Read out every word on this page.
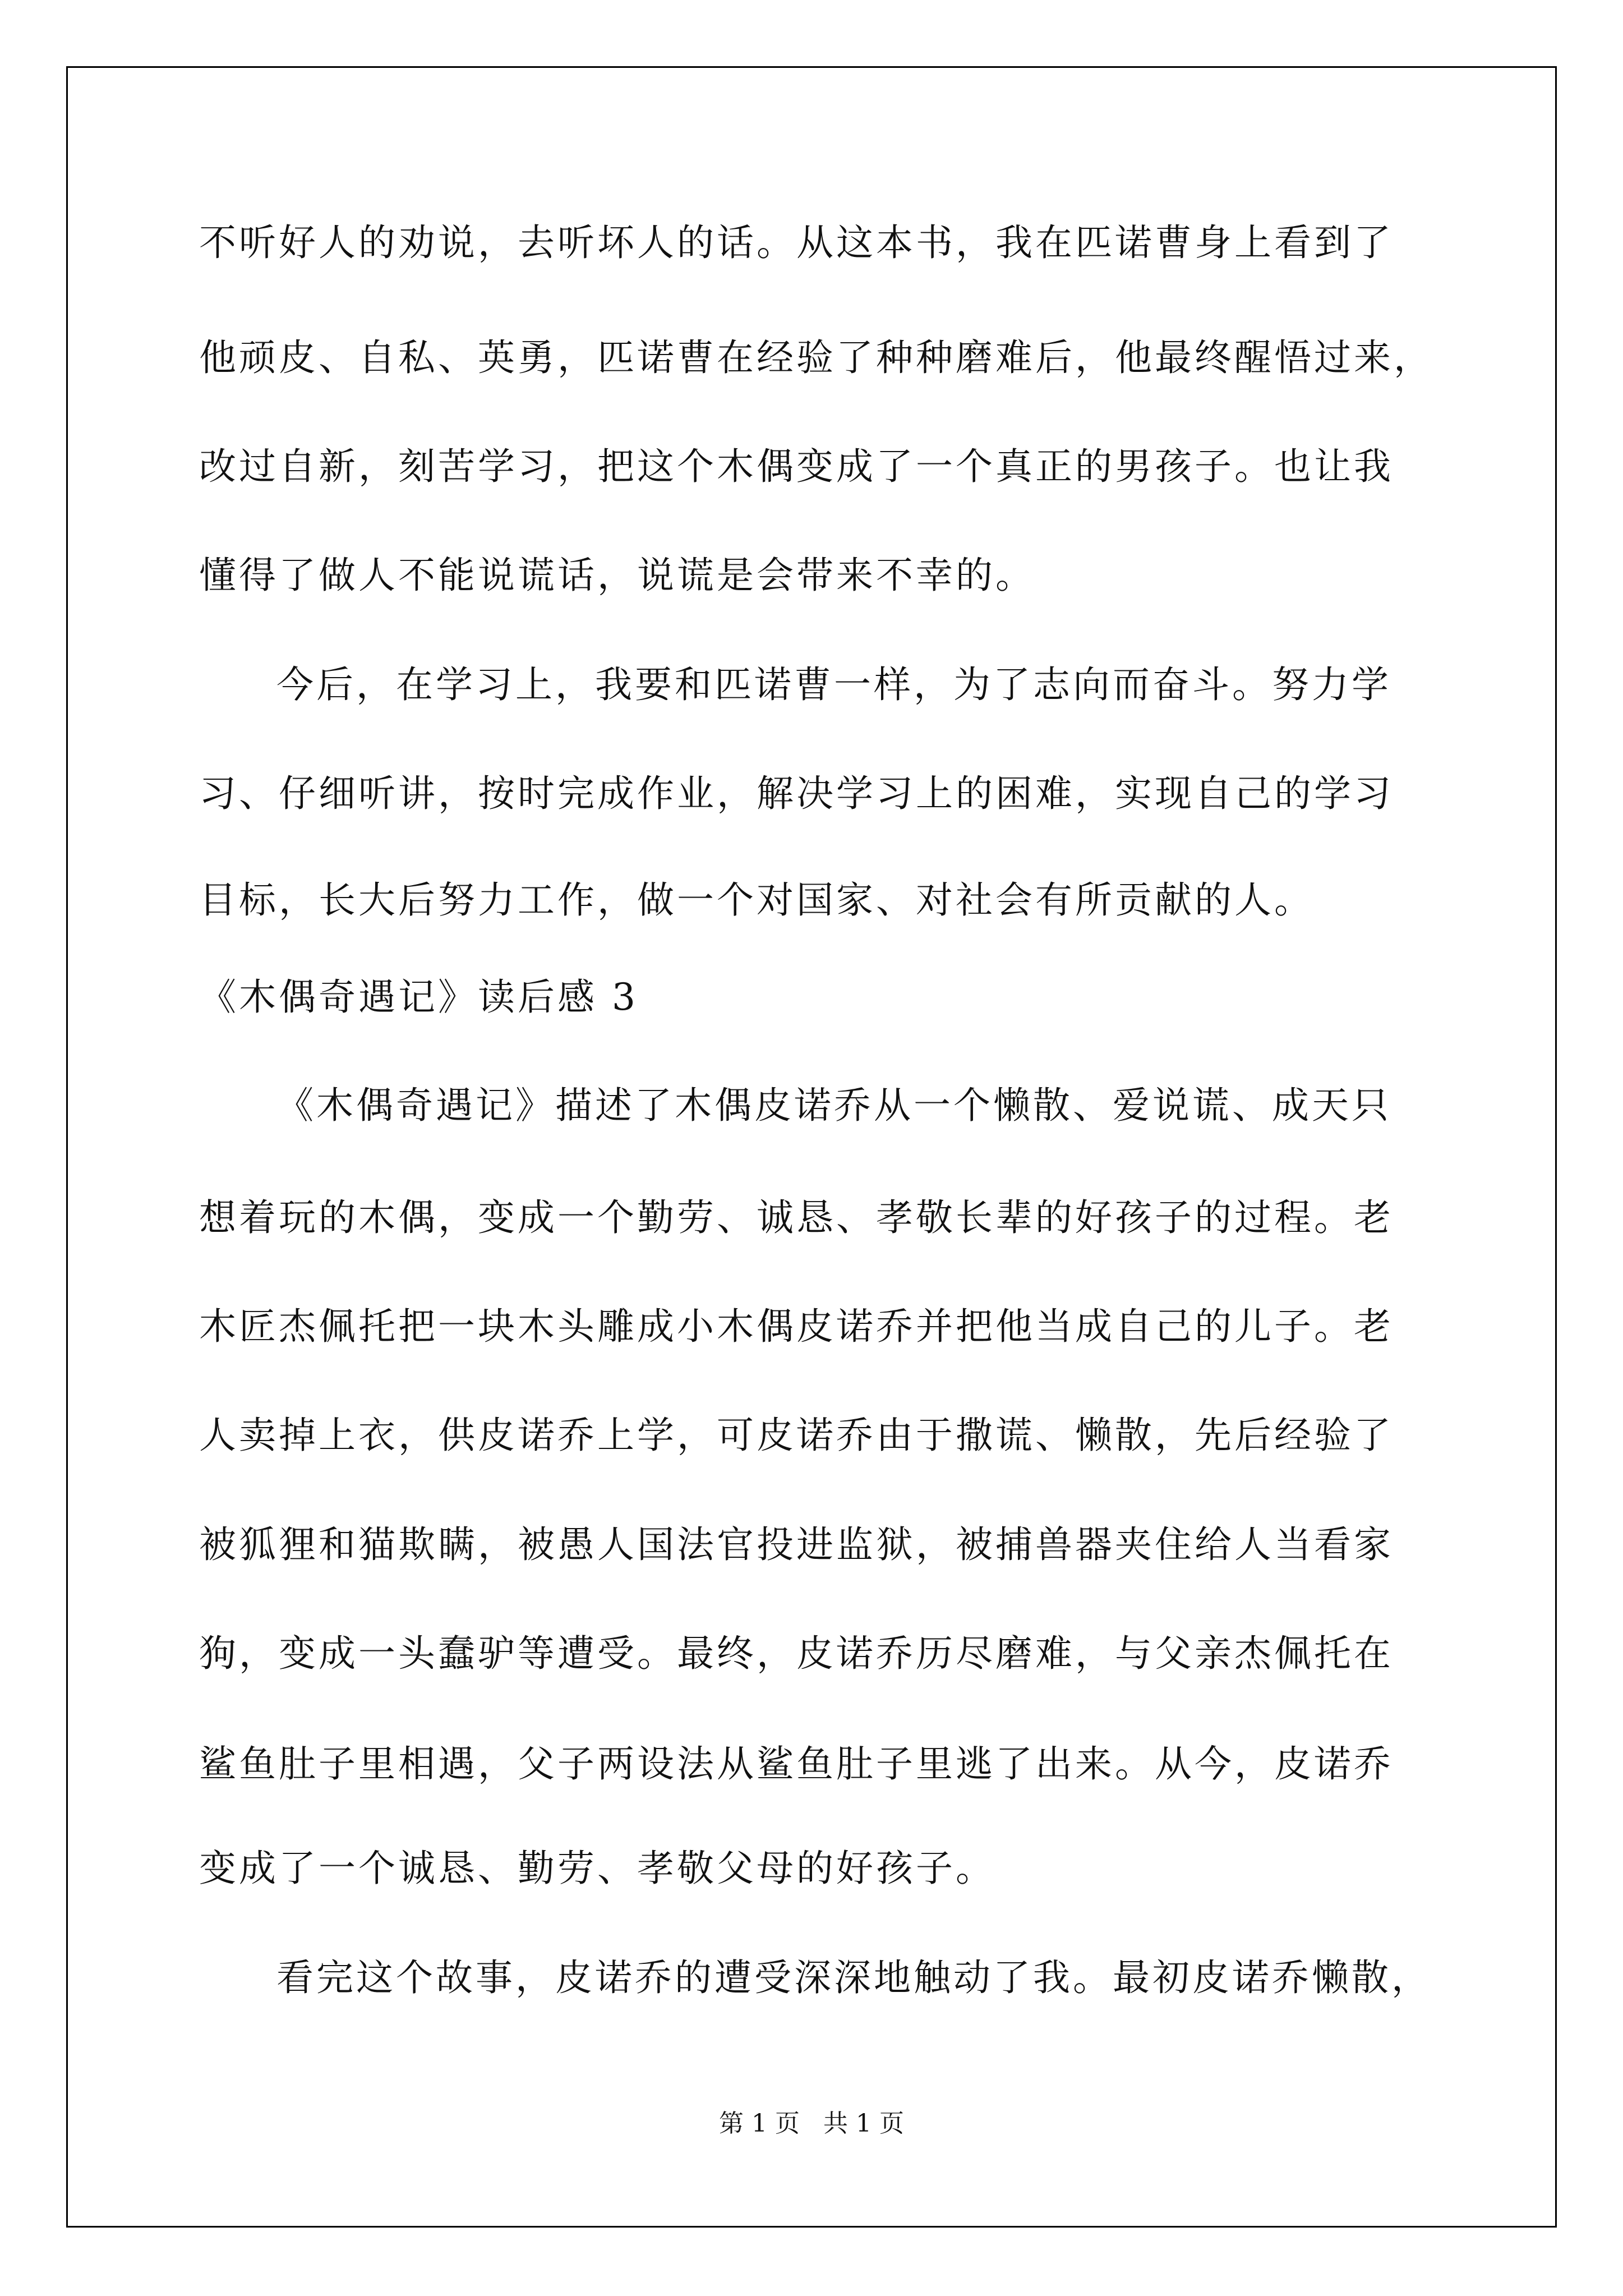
不听好人的劝说，去听坏人的话。从这本书，我在匹诺曹身上看到了
他顽皮、自私、英勇，匹诺曹在经验了种种磨难后，他最终醒悟过来，
改过自新，刻苦学习，把这个木偶变成了一个真正的男孩子。也让我
懂得了做人不能说谎话，说谎是会带来不幸的。
今后，在学习上，我要和匹诺曹一样，为了志向而奋斗。努力学
习、仔细听讲，按时完成作业，解决学习上的困难，实现自己的学习
目标，长大后努力工作，做一个对国家、对社会有所贡献的人。
《木偶奇遇记》读后感 3
《木偶奇遇记》描述了木偶皮诺乔从一个懒散、爱说谎、成天只
想着玩的木偶，变成一个勤劳、诚恳、孝敬长辈的好孩子的过程。老
木匠杰佩托把一块木头雕成小木偶皮诺乔并把他当成自己的儿子。老
人卖掉上衣，供皮诺乔上学，可皮诺乔由于撒谎、懒散，先后经验了
被狐狸和猫欺瞒，被愚人国法官投进监狱，被捕兽器夹住给人当看家
狗，变成一头蠢驴等遭受。最终，皮诺乔历尽磨难，与父亲杰佩托在
鲨鱼肚子里相遇，父子两设法从鲨鱼肚子里逃了出来。从今，皮诺乔
变成了一个诚恳、勤劳、孝敬父母的好孩子。
看完这个故事，皮诺乔的遭受深深地触动了我。最初皮诺乔懒散，
第 1 页   共 1 页
